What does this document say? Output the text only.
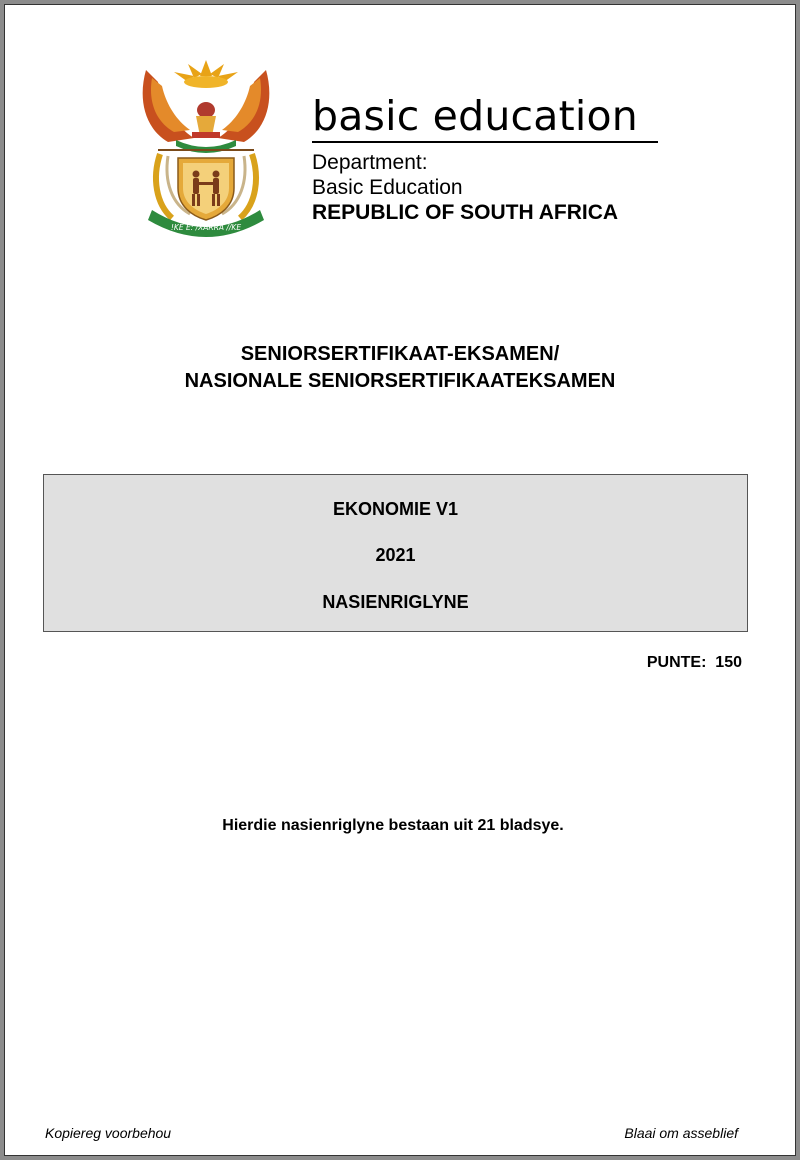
!KE E: /XARRA //KE
basic education
Department:
Basic Education
REPUBLIC OF SOUTH AFRICA
SENIORSERTIFIKAAT-EKSAMEN/
NASIONALE SENIORSERTIFIKAATEKSAMEN
EKONOMIE V1
2021
NASIENRIGLYNE
PUNTE:  150
Hierdie nasienriglyne bestaan uit 21 bladsye.
Kopiereg voorbehou	Blaai om asseblief
